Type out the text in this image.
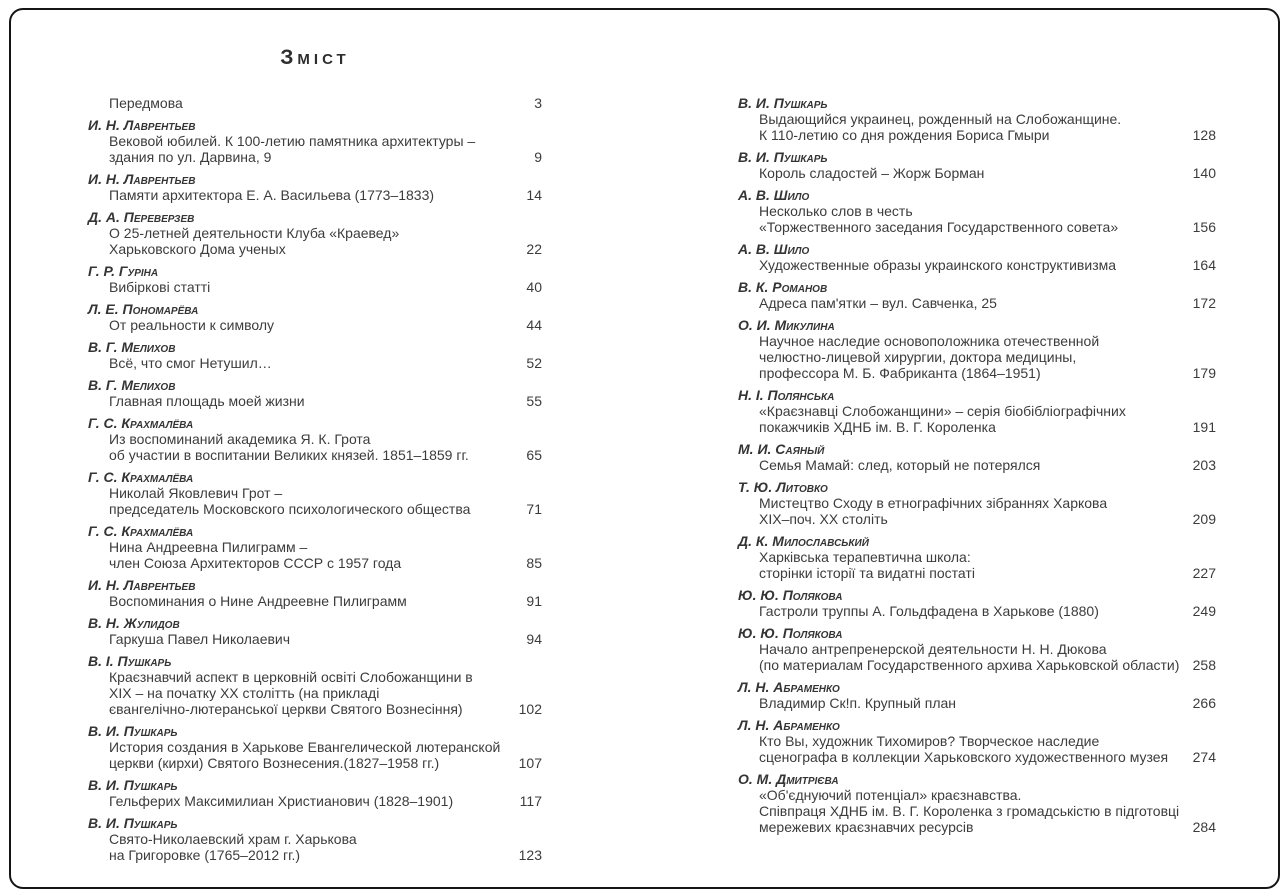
Зміст
Передмова	3
И. Н. Лаврентьев
Вековой юбилей. К 100-летию памятника архитектуры –
здания по ул. Дарвина, 9	9
И. Н. Лаврентьев
Памяти архитектора Е. А. Васильева (1773–1833)	14
Д. А. Переверзев
О 25-летней деятельности Клуба «Краевед»
Харьковского Дома ученых	22
Г. Р. Гуріна
Вибіркові статті	40
Л. Е. Пономарёва
От реальности к символу	44
В. Г. Мелихов
Всё, что смог Нетушил…	52
В. Г. Мелихов
Главная площадь моей жизни	55
Г. С. Крахмалёва
Из воспоминаний академика Я. К. Грота
об участии в воспитании Великих князей. 1851–1859 гг.	65
Г. С. Крахмалёва
Николай Яковлевич Грот –
председатель Московского психологического общества	71
Г. С. Крахмалёва
Нина Андреевна Пилиграмм –
член Союза Архитекторов СССР с 1957 года	85
И. Н. Лаврентьев
Воспоминания о Нине Андреевне Пилиграмм	91
В. Н. Жулидов
Гаркуша Павел Николаевич	94
В. І. Пушкарь
Краєзнавчий аспект в церковній освіті Слобожанщини в
XIX – на початку XX столітть (на прикладі
євангелічно-лютеранської церкви Святого Вознесіння)	102
В. И. Пушкарь
История создания в Харькове Евангелической лютеранской
церкви (кирхи) Святого Вознесения.(1827–1958 гг.)	107
В. И. Пушкарь
Гельферих Максимилиан Христианович (1828–1901)	117
В. И. Пушкарь
Свято-Николаевский храм г. Харькова
на Григоровке (1765–2012 гг.)	123
В. И. Пушкарь
Выдающийся украинец, рожденный на Слобожанщине.
К 110-летию со дня рождения Бориса Гмыри	128
В. И. Пушкарь
Король сладостей – Жорж Борман	140
А. В. Шило
Несколько слов в честь
«Торжественного заседания Государственного совета»	156
А. В. Шило
Художественные образы украинского конструктивизма	164
В. К. Романов
Адреса пам'ятки – вул. Савченка, 25	172
О. И. Микулина
Научное наследие основоположника отечественной
челюстно-лицевой хирургии, доктора медицины,
профессора М. Б. Фабриканта (1864–1951)	179
Н. І. Полянська
«Краєзнавці Слобожанщини» – серія біобібліографічних
покажчиків ХДНБ ім. В. Г. Короленка	191
М. И. Саяный
Семья Мамай: след, который не потерялся	203
Т. Ю. Литовко
Мистецтво Сходу в етнографічних зібраннях Харкова
XIX–поч. XX століть	209
Д. К. Милославський
Харківська терапевтична школа:
сторінки історії та видатні постаті	227
Ю. Ю. Полякова
Гастроли труппы А. Гольдфадена в Харькове (1880)	249
Ю. Ю. Полякова
Начало антрепренерской деятельности Н. Н. Дюкова
(по материалам Государственного архива Харьковской области) 258
Л. Н. Абраменко
Владимир Ск!п. Крупный план	266
Л. Н. Абраменко
Кто Вы, художник Тихомиров? Творческое наследие
сценографа в коллекции Харьковского художественного музея	274
О. М. Дмитрієва
«Об'єднуючий потенціал» краєзнавства.
Співпраця ХДНБ ім. В. Г. Короленка з громадськістю в підготовці
мережевих краєзнавчих ресурсів	284
